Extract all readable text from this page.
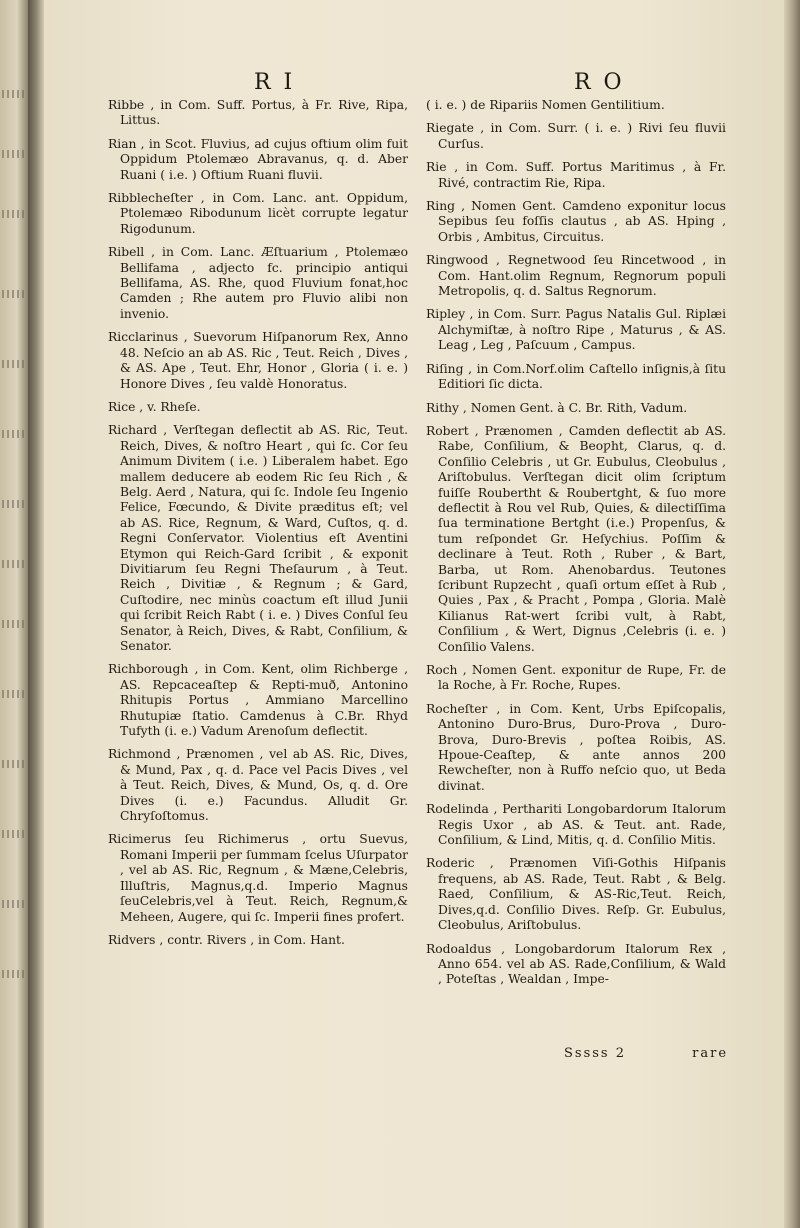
R I	R O

Ribbe , in Com. Suff. Portus, à Fr. Rive, Ripa, Littus.

Rian , in Scot. Fluvius, ad cujus oftium olim fuit Oppidum Ptolemæo Abravanus, q. d. Aber Ruani ( i.e. ) Oftium Ruani fluvii.

Ribblecheſter , in Com. Lanc. ant. Oppidum, Ptolemæo Ribodunum licèt corrupte legatur Rigodunum.

Ribell , in Com. Lanc. Æſtuarium , Ptolemæo Bellifama , adjecto fc. principio antiqui Bellifama, AS. Rhe, quod Fluvium fonat,hoc Camden ; Rhe autem pro Fluvio alibi non invenio.

Ricclarinus , Suevorum Hiſpanorum Rex, Anno 48. Neſcio an ab AS. Ric , Teut. Reich , Dives , & AS. Ape , Teut. Ehr, Honor , Gloria ( i. e. ) Honore Dives , ſeu valdè Honoratus.

Rice , v. Rheſe.

Richard , Verſtegan deflectit ab AS. Ric, Teut. Reich, Dives, & noſtro Heart , qui ſc. Cor ſeu Animum Divitem ( i.e. ) Liberalem habet. Ego mallem deducere ab eodem Ric ſeu Rich , & Belg. Aerd , Natura, qui ſc. Indole ſeu Ingenio Felice, Fœcundo, & Divite præditus eſt; vel ab AS. Rice, Regnum, & Ward, Cuſtos, q. d. Regni Conſervator. Violentius eſt Aventini Etymon qui Reich-Gard ſcribit , & exponit Divitiarum ſeu Regni Theſaurum , à Teut. Reich , Divitiæ , & Regnum ; & Gard, Cuſtodire, nec minùs coactum eſt illud Junii qui ſcribit Reich Rabt ( i. e. ) Dives Conſul ſeu Senator, à Reich, Dives, & Rabt, Conſilium, & Senator.

Richborough , in Com. Kent, olim Richberge , AS. Repcaceaſteр & Repti-muð, Antonino Rhitupis Portus , Ammiano Marcellino Rhutupiæ ſtatio. Camdenus à C.Br. Rhyd Tufyth (i. e.) Vadum Arenoſum deflectit.

Richmond , Prænomen , vel ab AS. Ric, Dives, & Mund, Pax , q. d. Pace vel Pacis Dives , vel à Teut. Reich, Dives, & Mund, Os, q. d. Ore Dives (i. e.) Facundus. Alludit Gr. Chryſoſtomus.

Ricimerus ſeu Richimerus , ortu Suevus, Romani Imperii per ſummam ſcelus Uſurpator , vel ab AS. Ric, Regnum , & Mæne,Celebris, Illuſtris, Magnus,q.d. Imperio Magnus ſeuCelebris,vel à Teut. Reich, Regnum,& Meheen, Augere, qui ſc. Imperii fines profert.

Ridvers , contr. Rivers , in Com. Hant.

( i. e. ) de Ripariis Nomen Gentilitium.

Riegate , in Com. Surr. ( i. e. ) Rivi ſeu fluvii Curſus.

Rie , in Com. Suff. Portus Maritimus , à Fr. Rivé, contractim Rie, Ripa.

Ring , Nomen Gent. Camdeno exponitur locus Sepibus ſeu foſſis clautus , ab AS. Hping , Orbis , Ambitus, Circuitus.

Ringwood , Regnetwood ſeu Rincetwood , in Com. Hant.olim Regnum, Regnorum populi Metropolis, q. d. Saltus Regnorum.

Ripley , in Com. Surr. Pagus Natalis Gul. Riplæi Alchymiſtæ, à noſtro Ripe , Maturus , & AS. Leag , Leg , Paſcuum , Campus.

Riſing , in Com.Norf.olim Caſtello inſignis,à ſitu Editiori ſic dicta.

Rithy , Nomen Gent. à C. Br. Rith, Vadum.

Robert , Prænomen , Camden deflectit ab AS. Rabe, Conſilium, & Beoƿht, Clarus, q. d. Conſilio Celebris , ut Gr. Eubulus, Cleobulus , Ariſtobulus. Verſtegan dicit olim ſcriptum fuiſſe Roubertht & Roubertght, & ſuo more deflectit à Rou vel Rub, Quies, & dilectiſſima ſua terminatione Bertght (i.e.) Propenſus, & tum reſpondet Gr. Heſychius. Poſſim & declinare à Teut. Roth , Ruber , & Bart, Barba, ut Rom. Ahenobardus. Teutones ſcribunt Rupzecht , quaſi ortum eſſet à Rub , Quies , Pax , & Pracht , Pompa , Gloria. Malè Kilianus Rat-wert ſcribi vult, à Rabt, Conſilium , & Wert, Dignus ,Celebris (i. e. ) Conſilio Valens.

Roch , Nomen Gent. exponitur de Rupe, Fr. de la Roche, à Fr. Roche, Rupes.

Rocheſter , in Com. Kent, Urbs Epiſcopalis, Antonino Duro-Brus, Duro-Prova , Duro-Brova, Duro-Brevis , poſtea Roibis, AS. Hpoue-Ceaſteр, & ante annos 200 Rewcheſter, non à Ruffo neſcio quo, ut Beda divinat.

Rodelinda , Perthariti Longobardorum Italorum Regis Uxor , ab AS. & Teut. ant. Rade, Conſilium, & Lind, Mitis, q. d. Conſilio Mitis.

Roderic , Prænomen Viſi-Gothis Hiſpanis frequens, ab AS. Rade, Teut. Rabt , & Belg. Raed, Conſilium, & AS-Ric,Teut. Reich, Dives,q.d. Conſilio Dives. Reſp. Gr. Eubulus, Cleobulus, Ariſtobulus.

Rodoaldus , Longobardorum Italorum Rex , Anno 654. vel ab AS. Rade,Conſilium, & Wald , Poteſtas , Wealdan , Impe-

Sssss 2	rare
